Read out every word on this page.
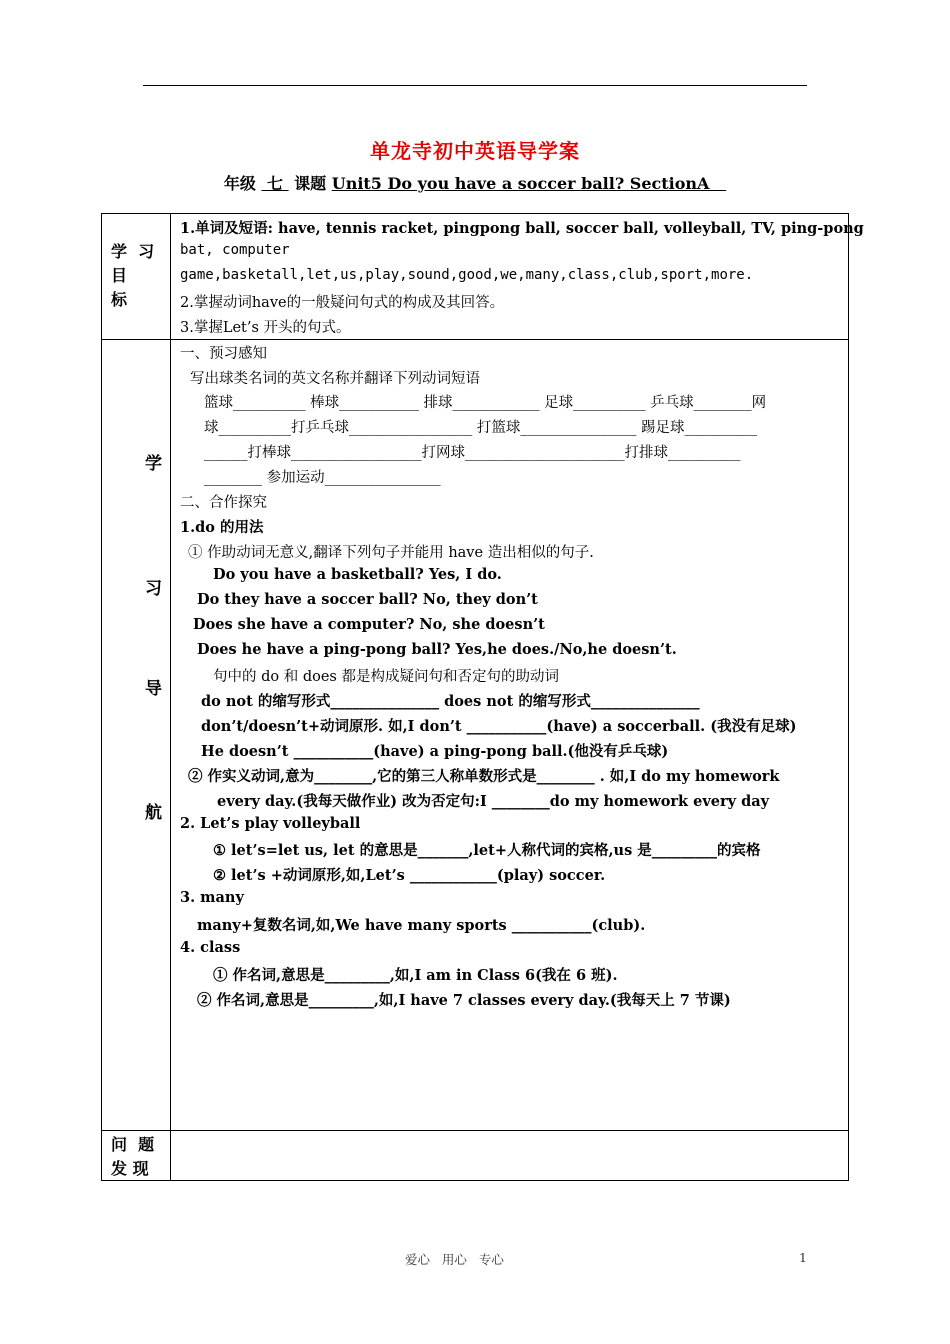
单龙寺初中英语导学案
年级 七 课题 Unit5 Do you have a soccer ball? SectionA
学  习
目
标
1.单词及短语: have, tennis racket, pingpong ball, soccer ball, volleyball, TV, ping-pong
bat, computer
game,basketall,let,us,play,sound,good,we,many,class,club,sport,more.
2.掌握动词have的一般疑问句式的构成及其回答。
3.掌握Let’s 开头的句式。
学
习
导
航
一、预习感知
写出球类名词的英文名称并翻译下列动词短语
篮球__________ 棒球___________ 排球____________ 足球__________ 乒乓球________网
球__________打乒乓球_________________ 打篮球________________ 踢足球__________
______打棒球__________________打网球______________________打排球__________
________ 参加运动________________
二、合作探究
1.do 的用法
① 作助动词无意义,翻译下列句子并能用 have 造出相似的句子.
Do you have a basketball? Yes, I do.
Do they have a soccer ball? No, they don’t
Does she have a computer? No, she doesn’t
Does he have a ping-pong ball? Yes,he does./No,he doesn’t.
句中的 do 和 does 都是构成疑问句和否定句的助动词
do not 的缩写形式_______________ does not 的缩写形式_______________
don’t/doesn’t+动词原形. 如,I don’t ___________(have) a soccerball. (我没有足球)
He doesn’t ___________(have) a ping-pong ball.(他没有乒乓球)
② 作实义动词,意为________,它的第三人称单数形式是________ . 如,I do my homework
every day.(我每天做作业) 改为否定句:I ________do my homework every day
2. Let’s play volleyball
① let’s=let us, let 的意思是_______,let+人称代词的宾格,us 是_________的宾格
② let’s +动词原形,如,Let’s ____________(play) soccer.
3. many
many+复数名词,如,We have many sports ___________(club).
4. class
① 作名词,意思是_________,如,I am in Class 6(我在 6 班).
② 作名词,意思是_________,如,I have 7 classes every day.(我每天上 7 节课)
问  题
发 现
爱心   用心   专心	1
